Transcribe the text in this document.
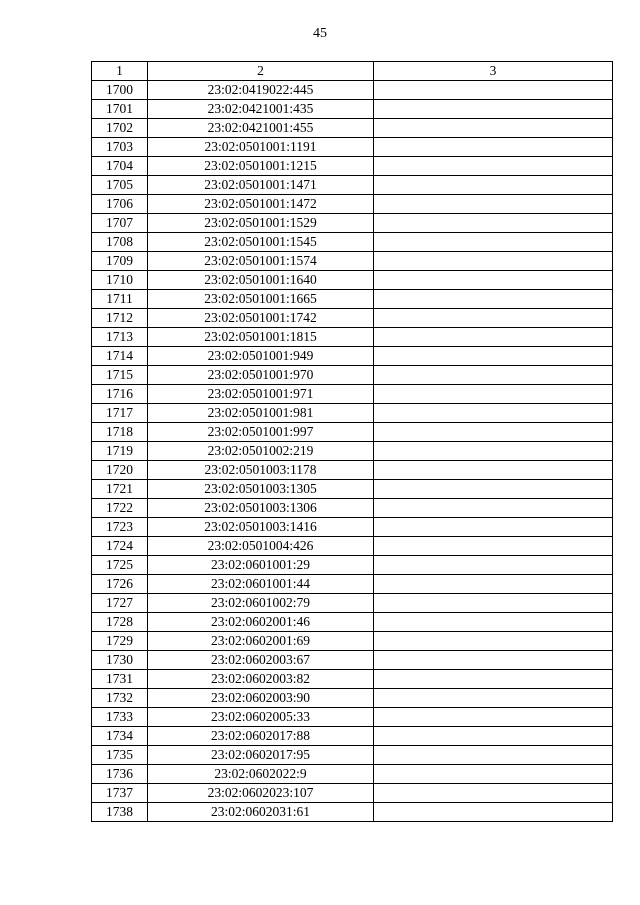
45
1	2	3
1700	23:02:0419022:445	
1701	23:02:0421001:435	
1702	23:02:0421001:455	
1703	23:02:0501001:1191	
1704	23:02:0501001:1215	
1705	23:02:0501001:1471	
1706	23:02:0501001:1472	
1707	23:02:0501001:1529	
1708	23:02:0501001:1545	
1709	23:02:0501001:1574	
1710	23:02:0501001:1640	
1711	23:02:0501001:1665	
1712	23:02:0501001:1742	
1713	23:02:0501001:1815	
1714	23:02:0501001:949	
1715	23:02:0501001:970	
1716	23:02:0501001:971	
1717	23:02:0501001:981	
1718	23:02:0501001:997	
1719	23:02:0501002:219	
1720	23:02:0501003:1178	
1721	23:02:0501003:1305	
1722	23:02:0501003:1306	
1723	23:02:0501003:1416	
1724	23:02:0501004:426	
1725	23:02:0601001:29	
1726	23:02:0601001:44	
1727	23:02:0601002:79	
1728	23:02:0602001:46	
1729	23:02:0602001:69	
1730	23:02:0602003:67	
1731	23:02:0602003:82	
1732	23:02:0602003:90	
1733	23:02:0602005:33	
1734	23:02:0602017:88	
1735	23:02:0602017:95	
1736	23:02:0602022:9	
1737	23:02:0602023:107	
1738	23:02:0602031:61	
